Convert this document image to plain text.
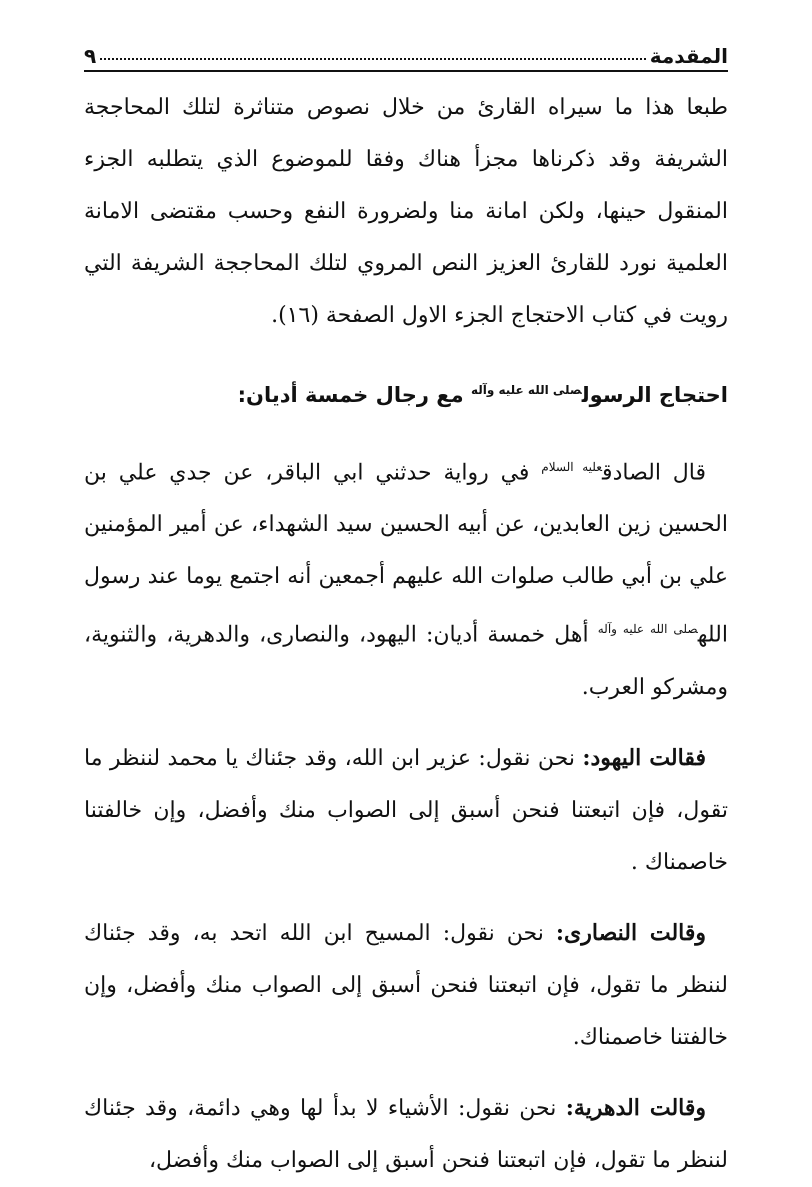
المقدمة
٩

طبعا هذا ما سيراه القارئ من خلال نصوص متناثرة لتلك المحاججة الشريفة وقد ذكرناها مجزأ هناك وفقا للموضوع الذي يتطلبه الجزء المنقول حينها، ولكن امانة منا ولضرورة النفع وحسب مقتضى الامانة العلمية نورد للقارئ العزيز النص المروي لتلك المحاججة الشريفة التي رويت في كتاب الاحتجاج الجزء الاول الصفحة (١٦).

احتجاج الرسول$^{صلى الله عليه وآله}$ مع رجال خمسة أديان:

 قال الصادق$^{عليه السلام}$ في رواية حدثني ابي الباقر، عن جدي علي بن الحسين زين العابدين، عن أبيه الحسين سيد الشهداء، عن أمير المؤمنين علي بن أبي طالب صلوات الله عليهم أجمعين أنه اجتمع يوما عند رسول الله$^{صلى الله عليه وآله}$ أهل خمسة أديان: اليهود، والنصارى، والدهرية، والثنوية، ومشركو العرب.

 فقالت اليهود: نحن نقول: عزير ابن الله، وقد جئناك يا محمد لننظر ما تقول، فإن اتبعتنا فنحن أسبق إلى الصواب منك وأفضل، وإن خالفتنا خاصمناك .

 وقالت النصارى: نحن نقول: المسيح ابن الله اتحد به، وقد جئناك لننظر ما تقول، فإن اتبعتنا فنحن أسبق إلى الصواب منك وأفضل، وإن خالفتنا خاصمناك.

 وقالت الدهرية: نحن نقول: الأشياء لا بدأ لها وهي دائمة، وقد جئناك لننظر ما تقول، فإن اتبعتنا فنحن أسبق إلى الصواب منك وأفضل،
